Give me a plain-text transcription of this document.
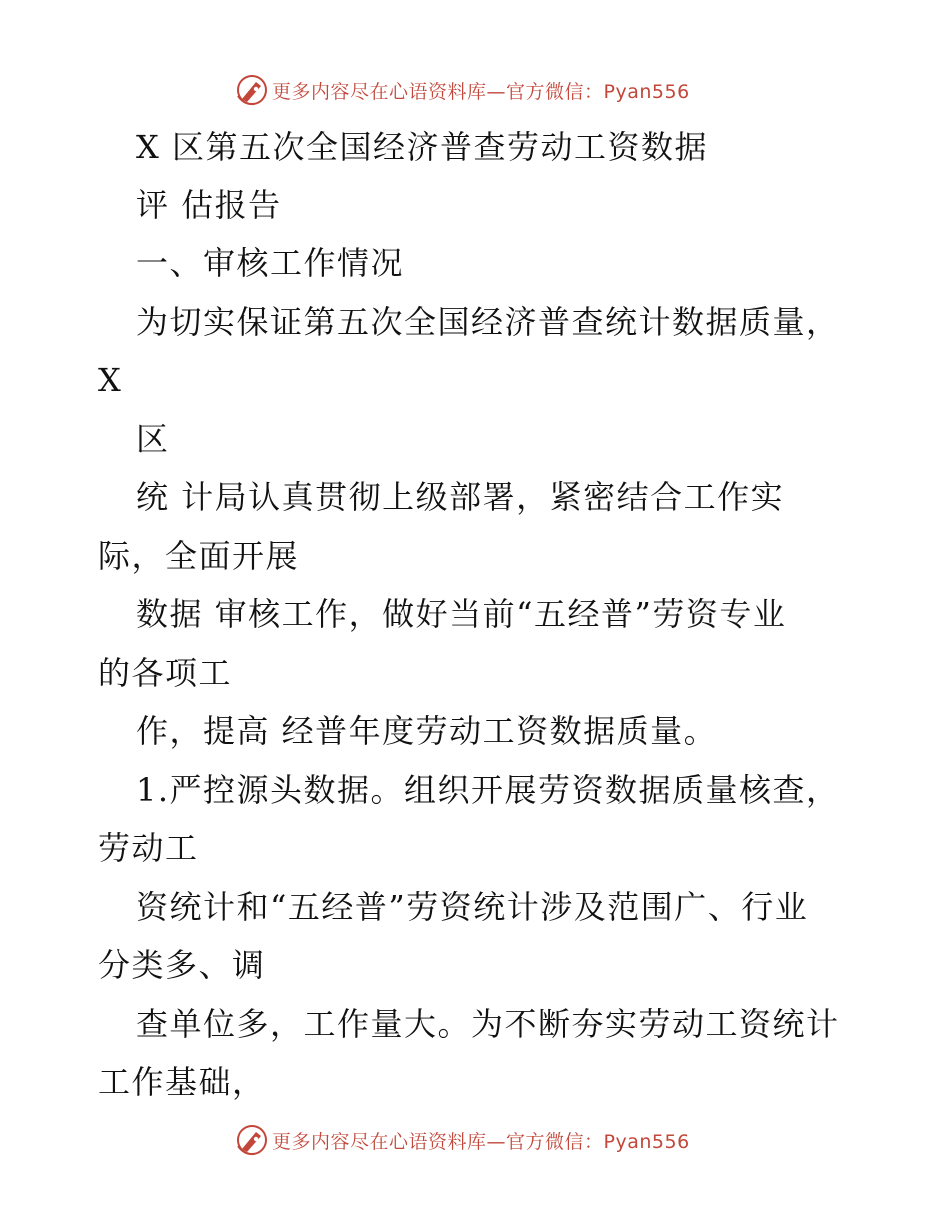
更多内容尽在心语资料库—官方微信：Pyan556

X 区第五次全国经济普查劳动工资数据

评 估报告

一、审核工作情况

为切实保证第五次全国经济普查统计数据质量，

X

区

统 计局认真贯彻上级部署，紧密结合工作实

际，全面开展

数据 审核工作，做好当前“五经普”劳资专业

的各项工

作，提高 经普年度劳动工资数据质量。

1.严控源头数据。组织开展劳资数据质量核查，

劳动工

资统计和“五经普”劳资统计涉及范围广、行业

分类多、调

查单位多，工作量大。为不断夯实劳动工资统计

工作基础，

更多内容尽在心语资料库—官方微信：Pyan556
